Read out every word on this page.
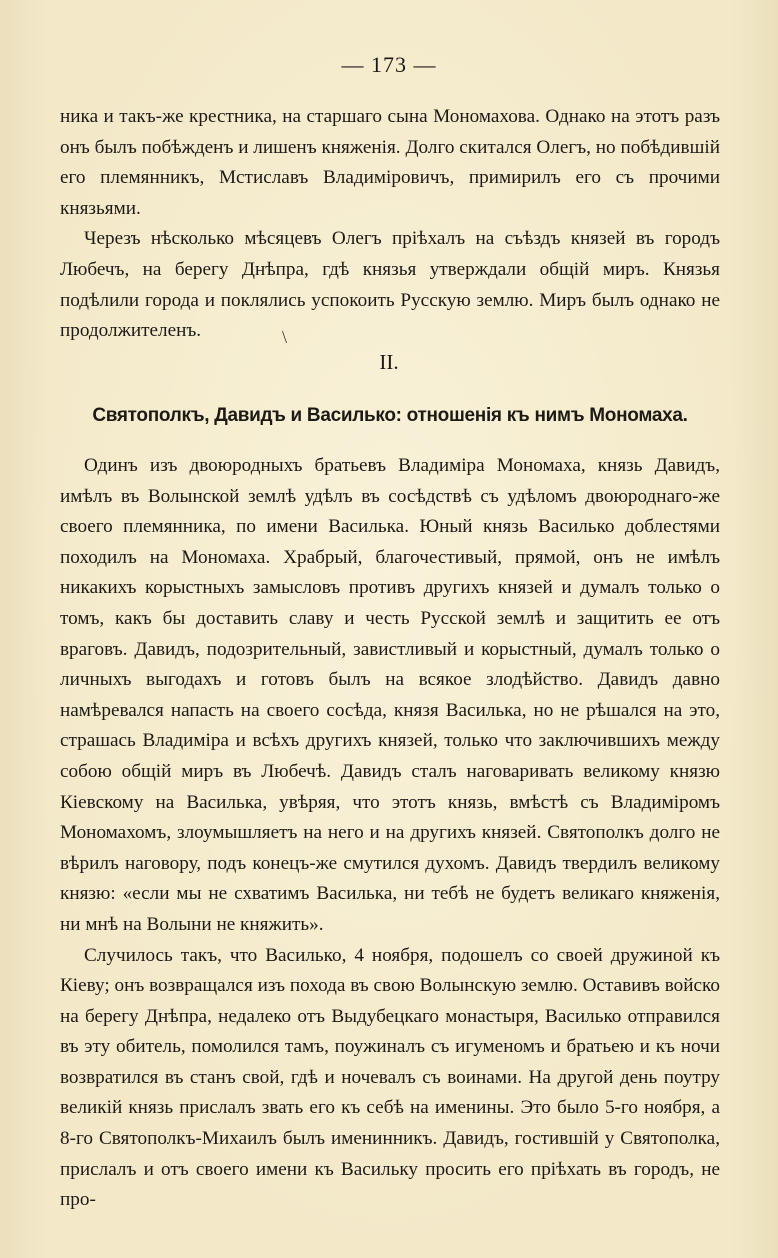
— 173 —

ника и такъ-же крестника, на старшаго сына Мономахова. Однако на этотъ разъ онъ былъ побѣжденъ и лишенъ княженія. Долго скитался Олегъ, но побѣдившій его племянникъ, Мстиславъ Владиміровичъ, примирилъ его съ прочими князьями.

Черезъ нѣсколько мѣсяцевъ Олегъ пріѣхалъ на съѣздъ князей въ городъ Любечъ, на берегу Днѣпра, гдѣ князья утверждали общій миръ. Князья подѣлили города и поклялись успокоить Русскую землю. Миръ былъ однако не продолжителенъ.	\
II.
Святополкъ, Давидъ и Василько: отношенія къ нимъ Мономаха.

Одинъ изъ двоюродныхъ братьевъ Владиміра Мономаха, князь Давидъ, имѣлъ въ Волынской землѣ удѣлъ въ сосѣдствѣ съ удѣломъ двоюроднаго-же своего племянника, по имени Василька. Юный князь Василько доблестями походилъ на Мономаха. Храбрый, благочестивый, прямой, онъ не имѣлъ никакихъ корыстныхъ замысловъ противъ другихъ князей и думалъ только о томъ, какъ бы доставить славу и честь Русской землѣ и защитить ее отъ враговъ. Давидъ, подозрительный, завистливый и корыстный, думалъ только о личныхъ выгодахъ и готовъ былъ на всякое злодѣйство. Давидъ давно намѣревался напасть на своего сосѣда, князя Василька, но не рѣшался на это, страшась Владиміра и всѣхъ другихъ князей, только что заключившихъ между собою общій миръ въ Любечѣ. Давидъ сталъ наговаривать великому князю Кіевскому на Василька, увѣряя, что этотъ князь, вмѣстѣ съ Владиміромъ Мономахомъ, злоумышляетъ на него и на другихъ князей. Святополкъ долго не вѣрилъ наговору, подъ конецъ-же смутился духомъ. Давидъ твердилъ великому князю: «если мы не схватимъ Василька, ни тебѣ не будетъ великаго княженія, ни мнѣ на Волыни не княжить».

Случилось такъ, что Василько, 4 ноября, подошелъ со своей дружиной къ Кіеву; онъ возвращался изъ похода въ свою Волынскую землю. Оставивъ войско на берегу Днѣпра, недалеко отъ Выдубецкаго монастыря, Василько отправился въ эту обитель, помолился тамъ, поужиналъ съ игуменомъ и братьею и къ ночи возвратился въ станъ свой, гдѣ и ночевалъ съ воинами. На другой день поутру великій князь прислалъ звать его къ себѣ на именины. Это было 5-го ноября, а 8-го Святополкъ-Михаилъ былъ именинникъ. Давидъ, гостившій у Святополка, прислалъ и отъ своего имени къ Васильку просить его пріѣхать въ городъ, не про-
